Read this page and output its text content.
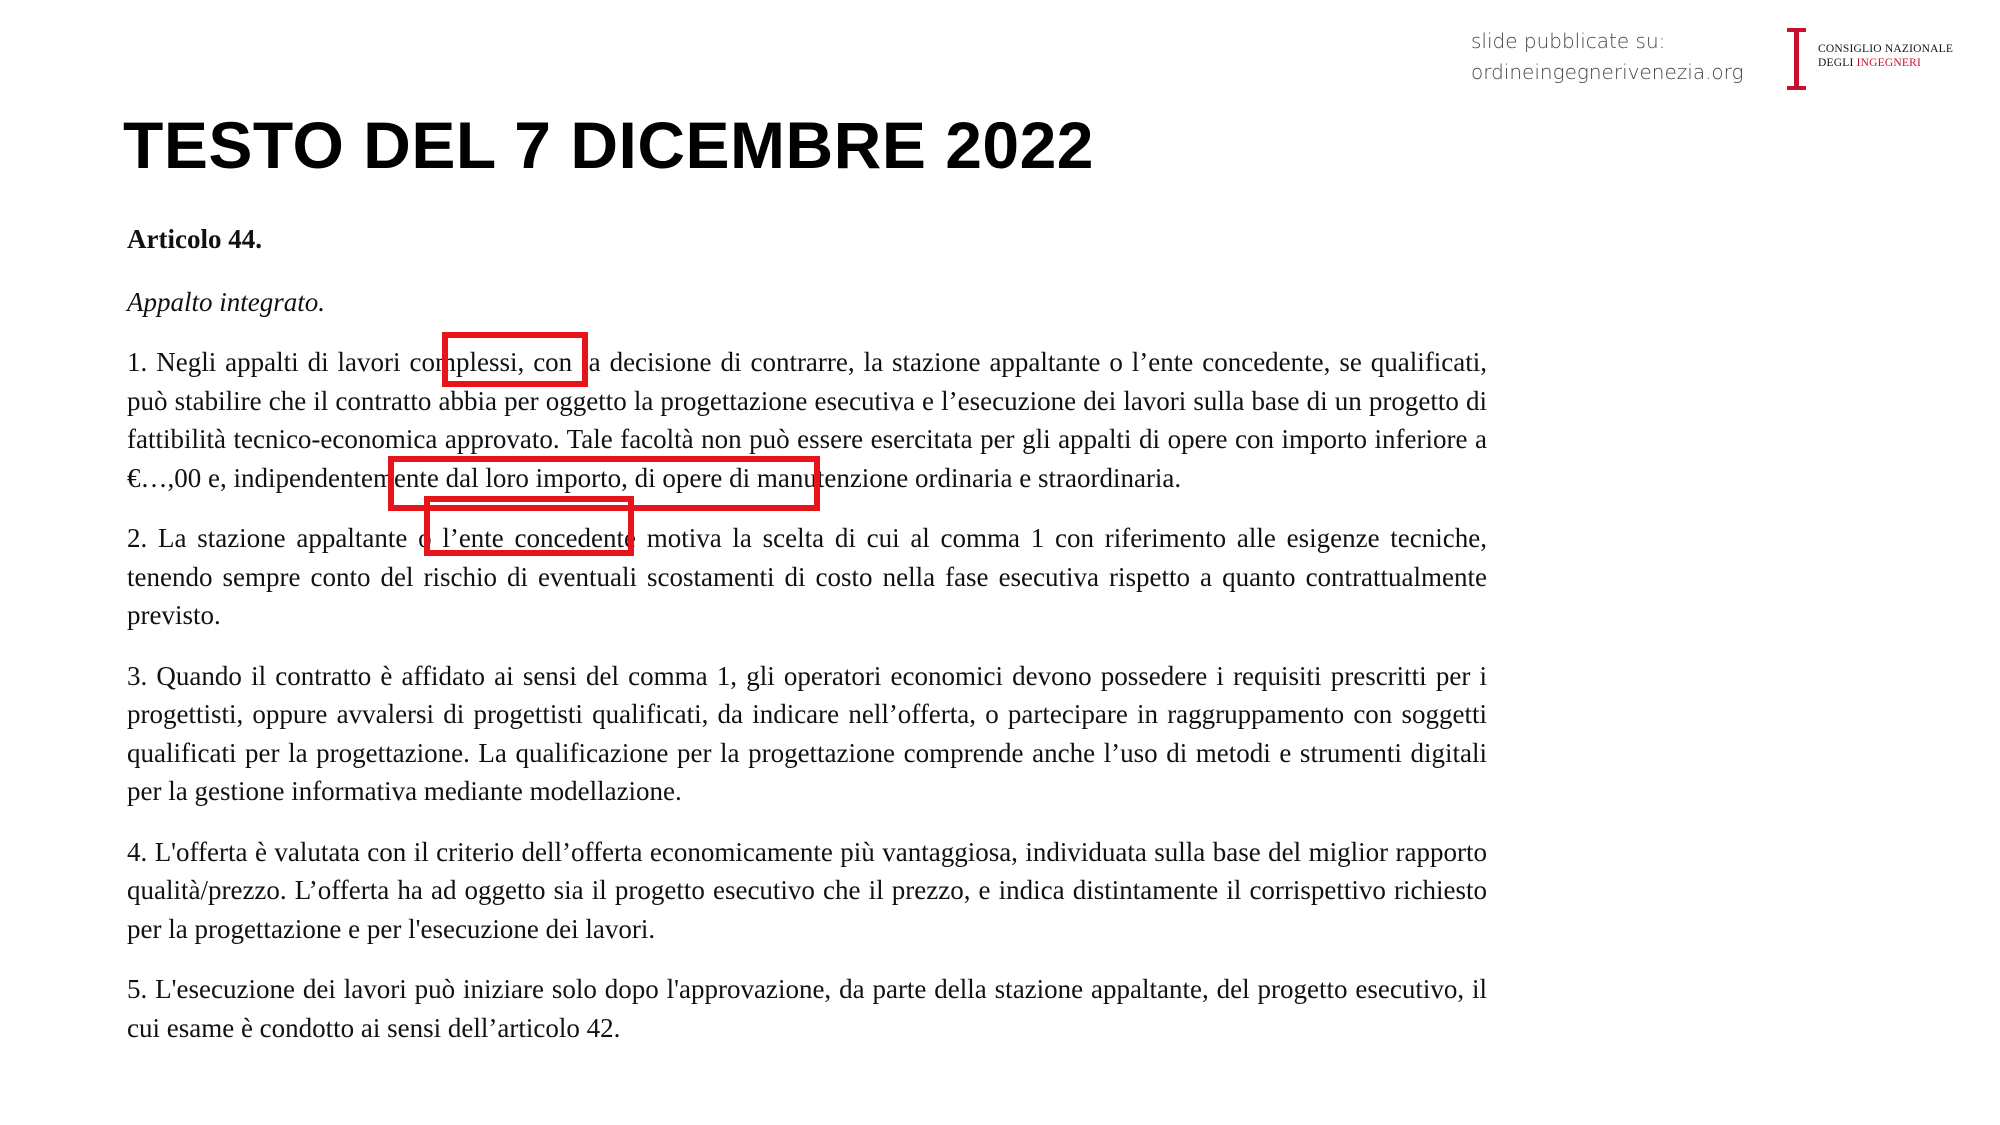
slide pubblicate su:
ordineingegnerivenezia.org
CONSIGLIO NAZIONALE
DEGLI INGEGNERI
TESTO DEL 7 DICEMBRE 2022

Articolo 44.

Appalto integrato.

1. Negli appalti di lavori complessi, con la decisione di contrarre, la stazione appaltante o l’ente concedente, se qualificati, può stabilire che il contratto abbia per oggetto la progettazione esecutiva e l’esecuzione dei lavori sulla base di un progetto di fattibilità tecnico-economica approvato. Tale facoltà non può essere esercitata per gli appalti di opere con importo inferiore a €…,00 e, indipendentemente dal loro importo, di opere di manutenzione ordinaria e straordinaria.

2. La stazione appaltante o l’ente concedente motiva la scelta di cui al comma 1 con riferimento alle esigenze tecniche, tenendo sempre conto del rischio di eventuali scostamenti di costo nella fase esecutiva rispetto a quanto contrattualmente previsto.

3. Quando il contratto è affidato ai sensi del comma 1, gli operatori economici devono possedere i requisiti prescritti per i progettisti, oppure avvalersi di progettisti qualificati, da indicare nell’offerta, o partecipare in raggruppamento con soggetti qualificati per la progettazione. La qualificazione per la progettazione comprende anche l’uso di metodi e strumenti digitali per la gestione informativa mediante modellazione.

4. L'offerta è valutata con il criterio dell’offerta economicamente più vantaggiosa, individuata sulla base del miglior rapporto qualità/prezzo. L’offerta ha ad oggetto sia il progetto esecutivo che il prezzo, e indica distintamente il corrispettivo richiesto per la progettazione e per l'esecuzione dei lavori.

5. L'esecuzione dei lavori può iniziare solo dopo l'approvazione, da parte della stazione appaltante, del progetto esecutivo, il cui esame è condotto ai sensi dell’articolo 42.
